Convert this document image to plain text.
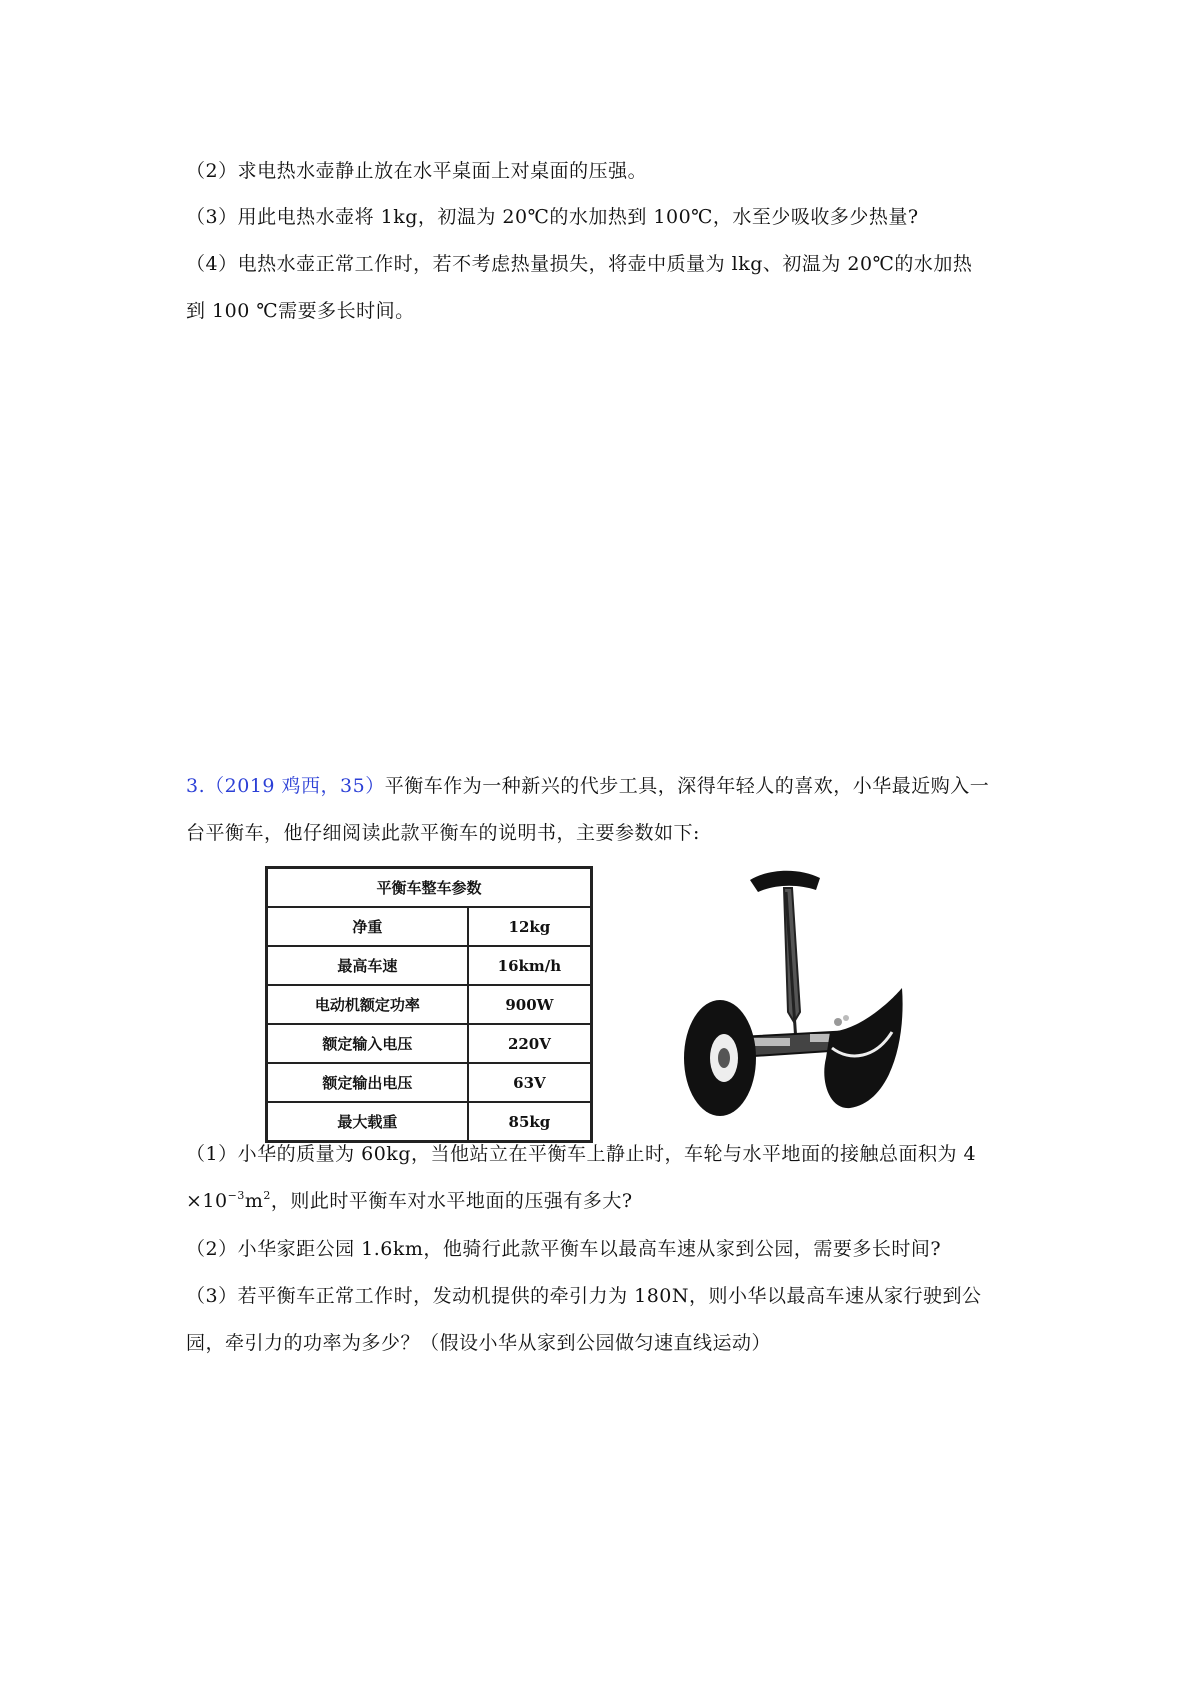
（2）求电热水壶静止放在水平桌面上对桌面的压强。
（3）用此电热水壶将 1kg，初温为 20℃的水加热到 100℃，水至少吸收多少热量?
（4）电热水壶正常工作时，若不考虑热量损失，将壶中质量为 lkg、初温为 20℃的水加热
到 100 ℃需要多长时间。
3.（2019 鸡西，35）平衡车作为一种新兴的代步工具，深得年轻人的喜欢，小华最近购入一
台平衡车，他仔细阅读此款平衡车的说明书，主要参数如下:
平衡车整车参数	
净重	12kg
最高车速	16km/h
电动机额定功率	900W
额定输入电压	220V
额定输出电压	63V
最大载重	85kg
（1）小华的质量为 60kg，当他站立在平衡车上静止时，车轮与水平地面的接触总面积为 4
$\times 10^{-3}m^2$，则此时平衡车对水平地面的压强有多大?
（2）小华家距公园 1.6km，他骑行此款平衡车以最高车速从家到公园，需要多长时间?
（3）若平衡车正常工作时，发动机提供的牵引力为 180N，则小华以最高车速从家行驶到公
园，牵引力的功率为多少？（假设小华从家到公园做匀速直线运动）
